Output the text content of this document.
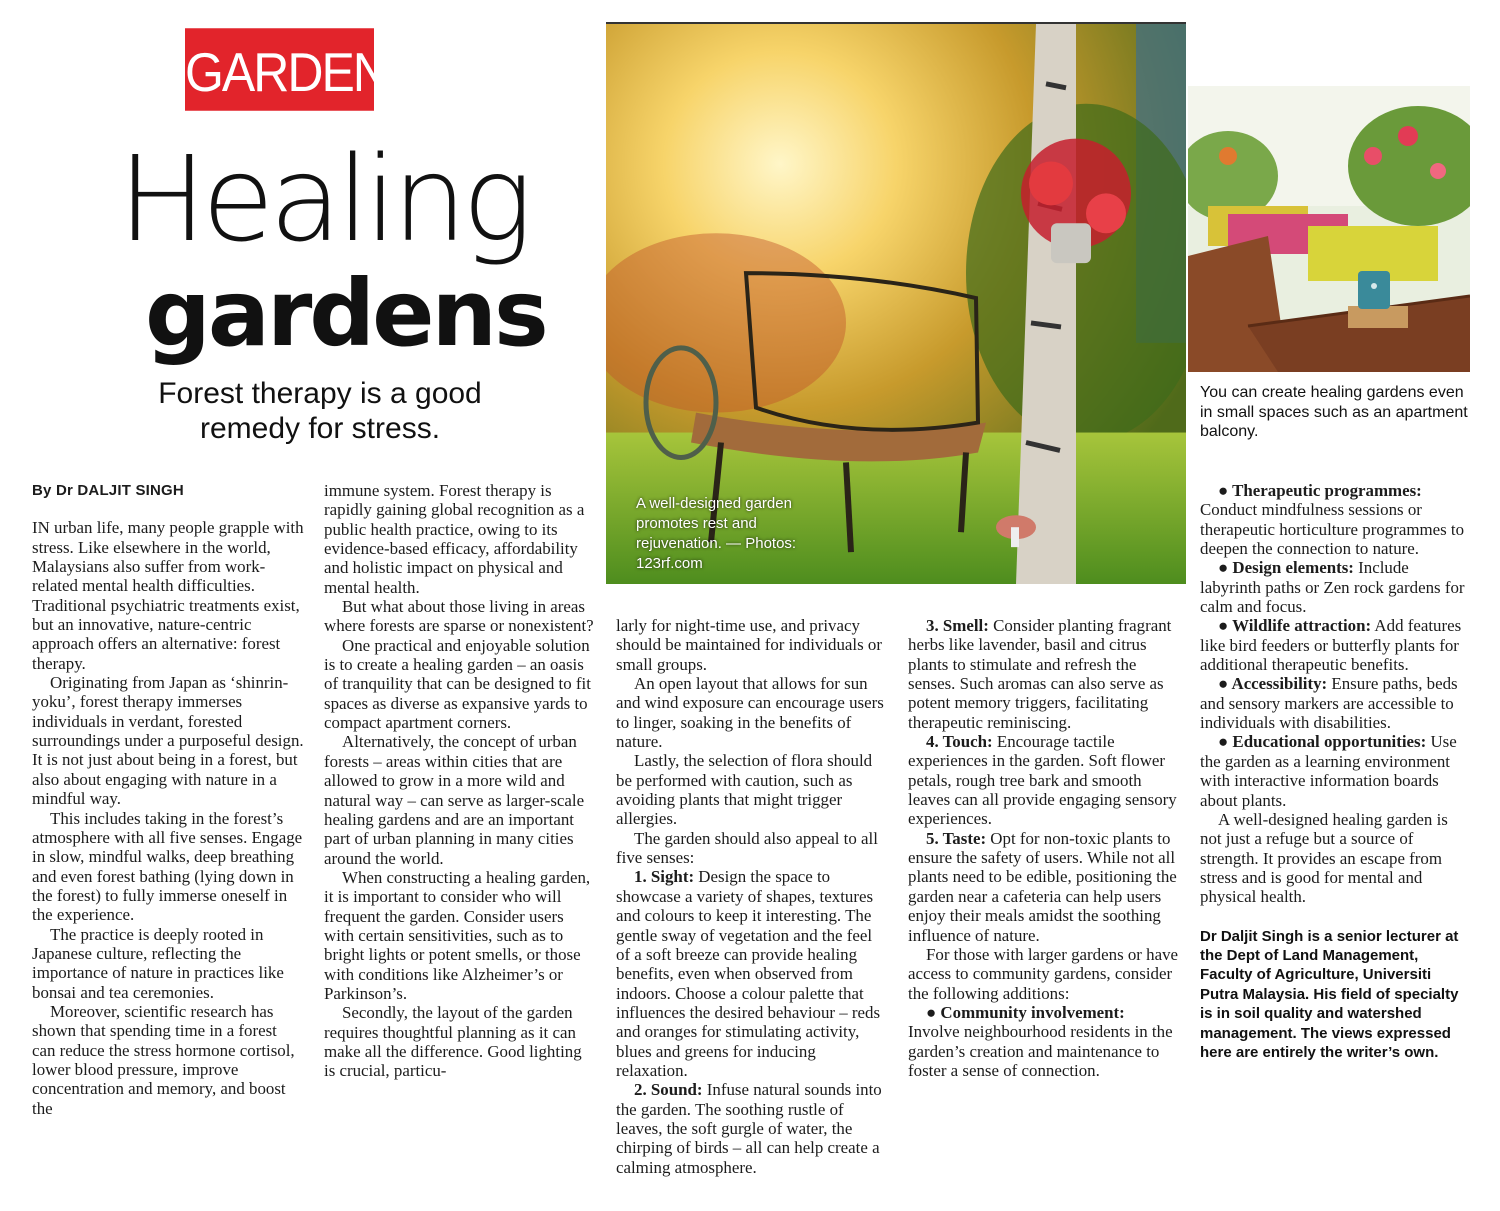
GARDEN
Healing
gardens
Forest therapy is a good remedy for stress.
A well-designed garden promotes rest and rejuvenation. — Photos: 123rf.com
You can create healing gardens even in small spaces such as an apartment balcony.
By Dr DALJIT SINGH

IN urban life, many people grapple with stress. Like elsewhere in the world, Malaysians also suffer from work-related mental health difficulties. Traditional psychiatric treatments exist, but an innovative, nature-centric approach offers an alternative: forest therapy.

Originating from Japan as ‘shinrin-yoku’, forest therapy immerses individuals in verdant, forested surroundings under a purposeful design. It is not just about being in a forest, but also about engaging with nature in a mindful way.

This includes taking in the forest’s atmosphere with all five senses. Engage in slow, mindful walks, deep breathing and even forest bathing (lying down in the forest) to fully immerse oneself in the experience.

The practice is deeply rooted in Japanese culture, reflecting the importance of nature in practices like bonsai and tea ceremonies.

Moreover, scientific research has shown that spending time in a forest can reduce the stress hormone cortisol, lower blood pressure, improve concentration and memory, and boost the

immune system. Forest therapy is rapidly gaining global recognition as a public health practice, owing to its evidence-based efficacy, affordability and holistic impact on physical and mental health.

But what about those living in areas where forests are sparse or nonexistent?

One practical and enjoyable solution is to create a healing garden – an oasis of tranquility that can be designed to fit spaces as diverse as expansive yards to compact apartment corners.

Alternatively, the concept of urban forests – areas within cities that are allowed to grow in a more wild and natural way – can serve as larger-scale healing gardens and are an important part of urban planning in many cities around the world.

When constructing a healing garden, it is important to consider who will frequent the garden. Consider users with certain sensitivities, such as to bright lights or potent smells, or those with conditions like Alzheimer’s or Parkinson’s.

Secondly, the layout of the garden requires thoughtful planning as it can make all the difference. Good lighting is crucial, particu-

larly for night-time use, and privacy should be maintained for individuals or small groups.

An open layout that allows for sun and wind exposure can encourage users to linger, soaking in the benefits of nature.

Lastly, the selection of flora should be performed with caution, such as avoiding plants that might trigger allergies.

The garden should also appeal to all five senses:

1. Sight: Design the space to showcase a variety of shapes, textures and colours to keep it interesting. The gentle sway of vegetation and the feel of a soft breeze can provide healing benefits, even when observed from indoors. Choose a colour palette that influences the desired behaviour – reds and oranges for stimulating activity, blues and greens for inducing relaxation.

2. Sound: Infuse natural sounds into the garden. The soothing rustle of leaves, the soft gurgle of water, the chirping of birds – all can help create a calming atmosphere.

3. Smell: Consider planting fragrant herbs like lavender, basil and citrus plants to stimulate and refresh the senses. Such aromas can also serve as potent memory triggers, facilitating therapeutic reminiscing.

4. Touch: Encourage tactile experiences in the garden. Soft flower petals, rough tree bark and smooth leaves can all provide engaging sensory experiences.

5. Taste: Opt for non-toxic plants to ensure the safety of users. While not all plants need to be edible, positioning the garden near a cafeteria can help users enjoy their meals amidst the soothing influence of nature.

For those with larger gardens or have access to community gardens, consider the following additions:

● Community involvement: Involve neighbourhood residents in the garden’s creation and maintenance to foster a sense of connection.

● Therapeutic programmes: Conduct mindfulness sessions or therapeutic horticulture programmes to deepen the connection to nature.

● Design elements: Include labyrinth paths or Zen rock gardens for calm and focus.

● Wildlife attraction: Add features like bird feeders or butterfly plants for additional therapeutic benefits.

● Accessibility: Ensure paths, beds and sensory markers are accessible to individuals with disabilities.

● Educational opportunities: Use the garden as a learning environment with interactive information boards about plants.

A well-designed healing garden is not just a refuge but a source of strength. It provides an escape from stress and is good for mental and physical health.

Dr Daljit Singh is a senior lecturer at the Dept of Land Management, Faculty of Agriculture, Universiti Putra Malaysia. His field of specialty is in soil quality and watershed management. The views expressed here are entirely the writer’s own.
